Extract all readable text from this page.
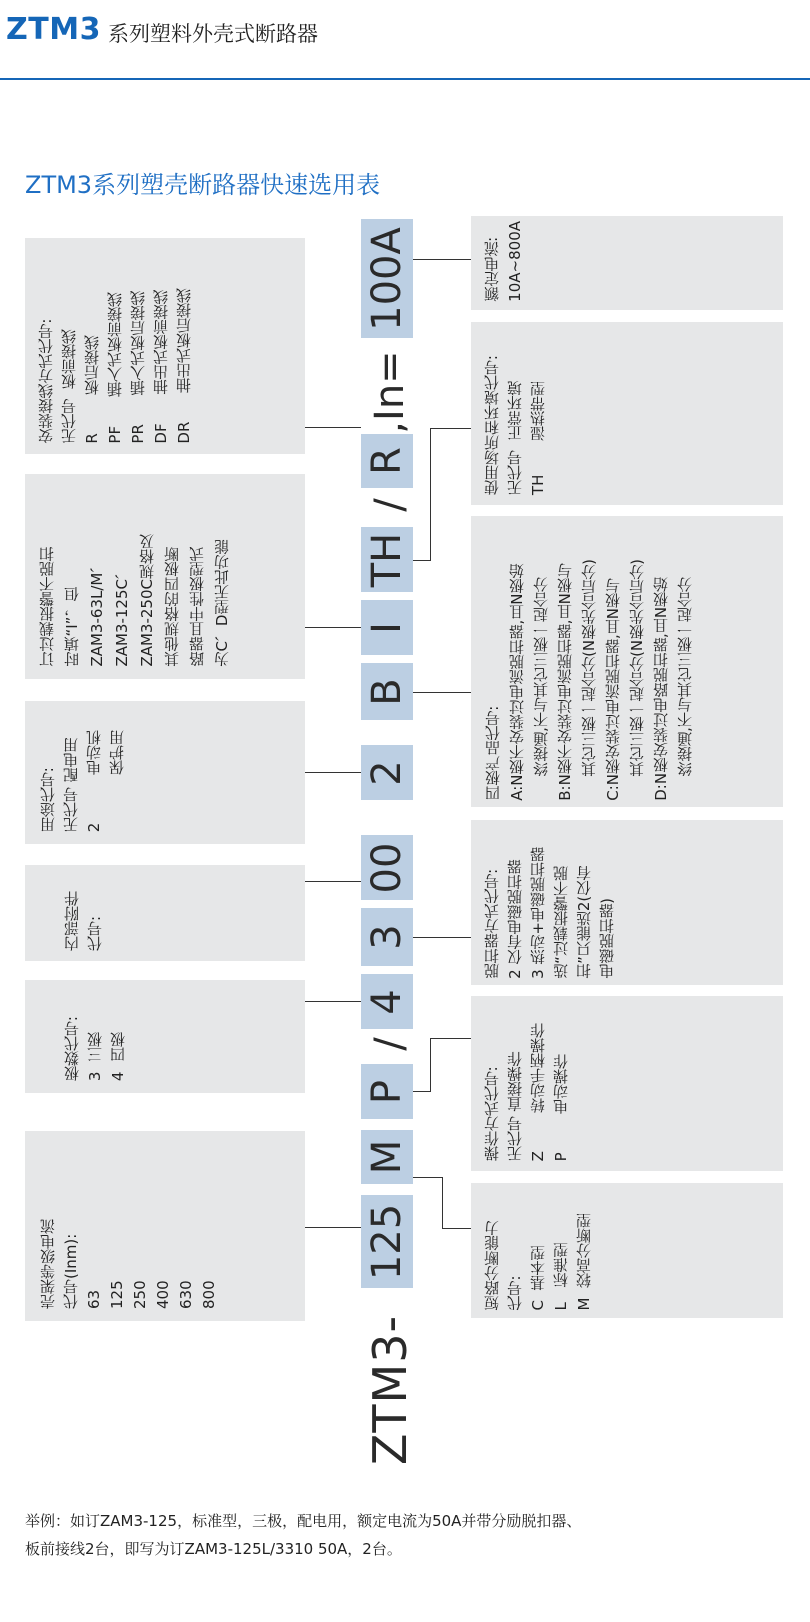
ZTM3 系列塑料外壳式断路器
ZTM3系列塑壳断路器快速选用表
安装接线方式代号:
无代号  板前接线
R        板后接线
PF      插入式板前接线
PR      插入式板后接线
DF      抽出式板前接线
DR      抽出式板后接线
订过载报警不脱扣
时填“I”，但
ZAM3-63L/M、
ZAM3-125C、
ZAM3-250C规格及
其他规格的四极断
路器且中性极型式
为C、D型无此功能
用途代号:
无代号 配电用
2          电动机
保护用
内部附件
代号:
极数代号:
3  三极
4  四极
壳架等级电流
代号(Inm):
63
125
250
400
630
800
额定电流:
10A~800A
使用场所和环境代号:
无代号  正常环境
TH       湿热带型
四极产品代号:
A:N极不安装过电流脱扣器,且N极始
终接通,不与其它三极一起合分
B:N极不安装过电流脱扣器,且N极与
其它三极一起合分(N极先合后分)
C:N极安装过电流脱扣器,且N极与
其它三极一起合分(N极先合后分)
D:N极安装过电路脱扣器,且N极始
终接通,不与其它三极一起合分
脱扣器方式代号:
2 仅有电磁脱扣器
3 热动+电磁脱扣器
选“过载报警不脱
扣”只能选2(仅有
电磁脱扣器)
操作方式代号:
无代号 直接操作
Z        转动手柄操作
P        电动操作
短路分断能力
代号:
C  基本型
L   标准型
M  较高分断型
100A
,In=
R
/
TH
I
B
2
00
3
4
/
P
M
125
ZTM3-
举例：如订ZAM3-125，标准型，三极，配电用，额定电流为50A并带分励脱扣器、
板前接线2台，即写为订ZAM3-125L/3310 50A，2台。
